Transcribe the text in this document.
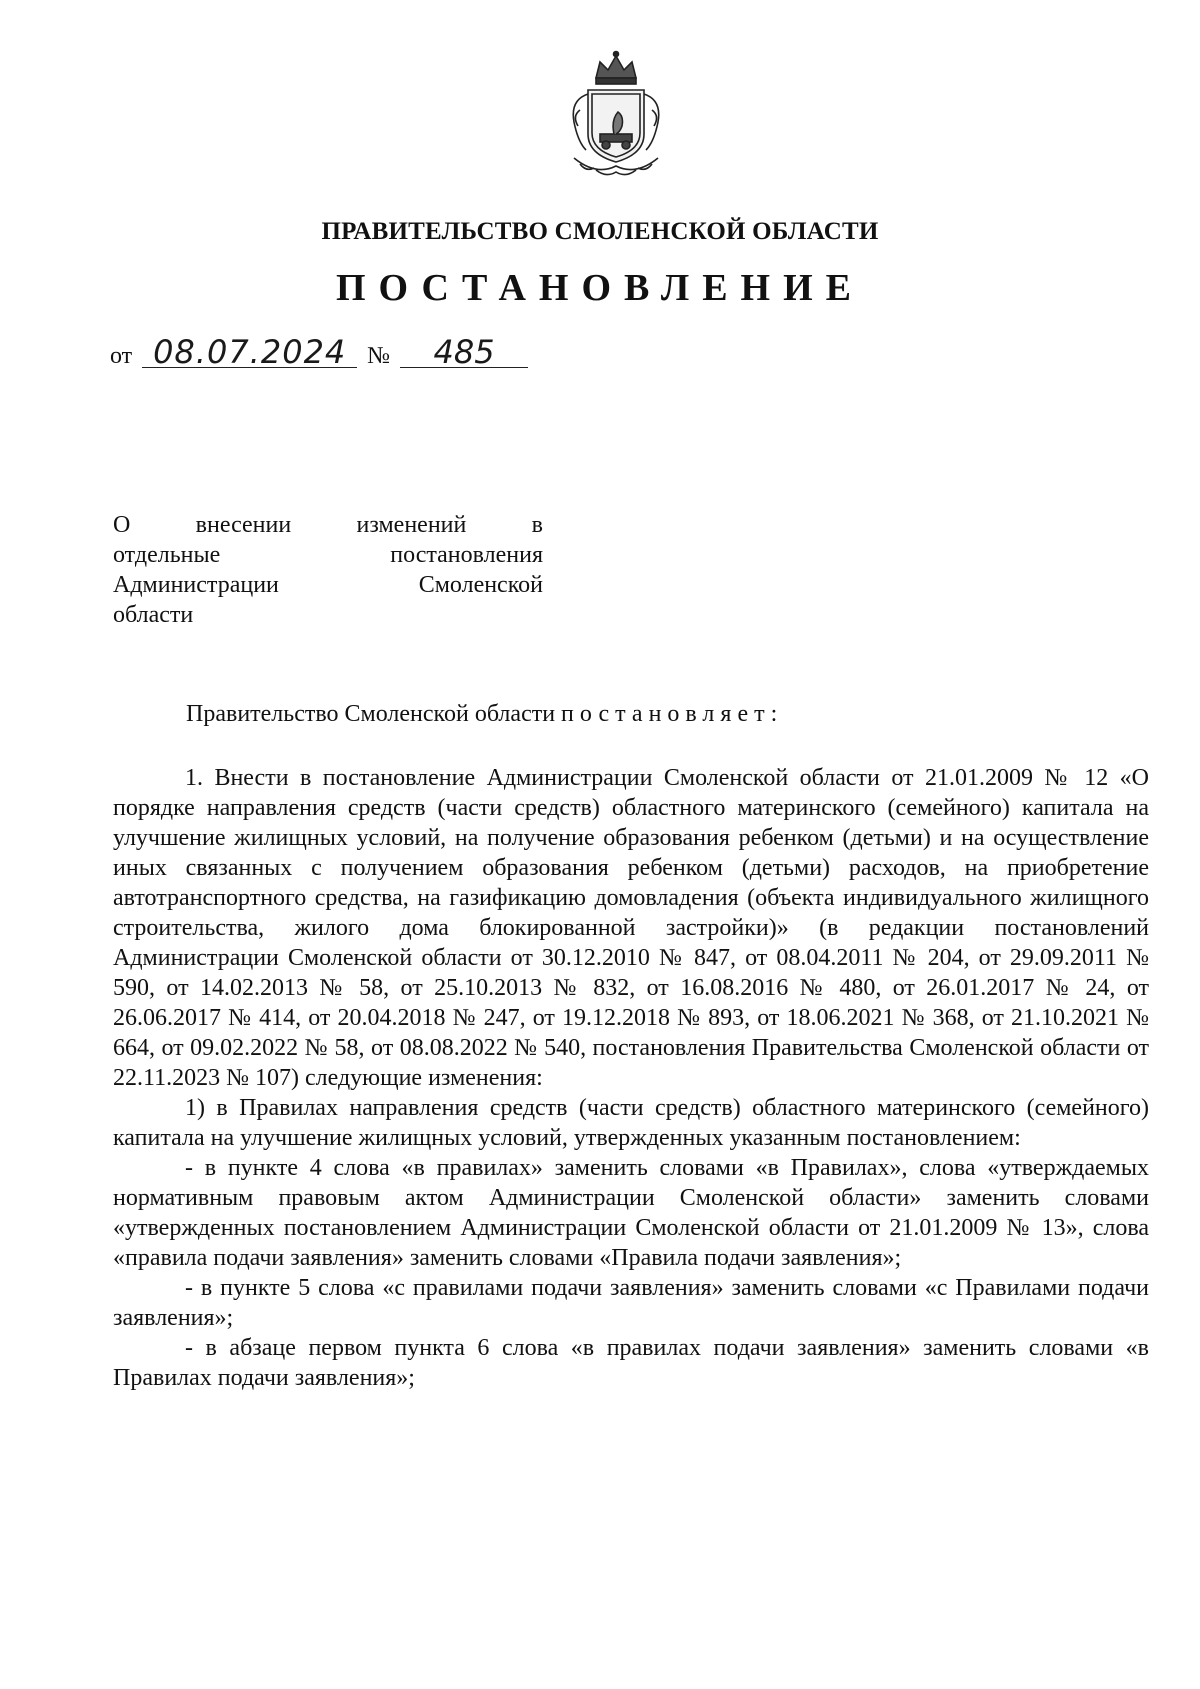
ПРАВИТЕЛЬСТВО СМОЛЕНСКОЙ ОБЛАСТИ
ПОСТАНОВЛЕНИЕ
от 08.07.2024 № 485
О внесении изменений в
отдельные постановления
Администрации Смоленской
области
Правительство Смоленской области постановляет:

1. Внести в постановление Администрации Смоленской области от 21.01.2009 № 12 «О порядке направления средств (части средств) областного материнского (семейного) капитала на улучшение жилищных условий, на получение образования ребенком (детьми) и на осуществление иных связанных с получением образования ребенком (детьми) расходов, на приобретение автотранспортного средства, на газификацию домовладения (объекта индивидуального жилищного строительства, жилого дома блокированной застройки)» (в редакции постановлений Администрации Смоленской области от 30.12.2010 № 847, от 08.04.2011 № 204, от 29.09.2011 № 590, от 14.02.2013 № 58, от 25.10.2013 № 832, от 16.08.2016 № 480, от 26.01.2017 № 24, от 26.06.2017 № 414, от 20.04.2018 № 247, от 19.12.2018 № 893, от 18.06.2021 № 368, от 21.10.2021 № 664, от 09.02.2022 № 58, от 08.08.2022 № 540, постановления Правительства Смоленской области от 22.11.2023 № 107) следующие изменения:

1) в Правилах направления средств (части средств) областного материнского (семейного) капитала на улучшение жилищных условий, утвержденных указанным постановлением:

- в пункте 4 слова «в правилах» заменить словами «в Правилах», слова «утверждаемых нормативным правовым актом Администрации Смоленской области» заменить словами «утвержденных постановлением Администрации Смоленской области от 21.01.2009 № 13», слова «правила подачи заявления» заменить словами «Правила подачи заявления»;

- в пункте 5 слова «с правилами подачи заявления» заменить словами «с Правилами подачи заявления»;

- в абзаце первом пункта 6 слова «в правилах подачи заявления» заменить словами «в Правилах подачи заявления»;
